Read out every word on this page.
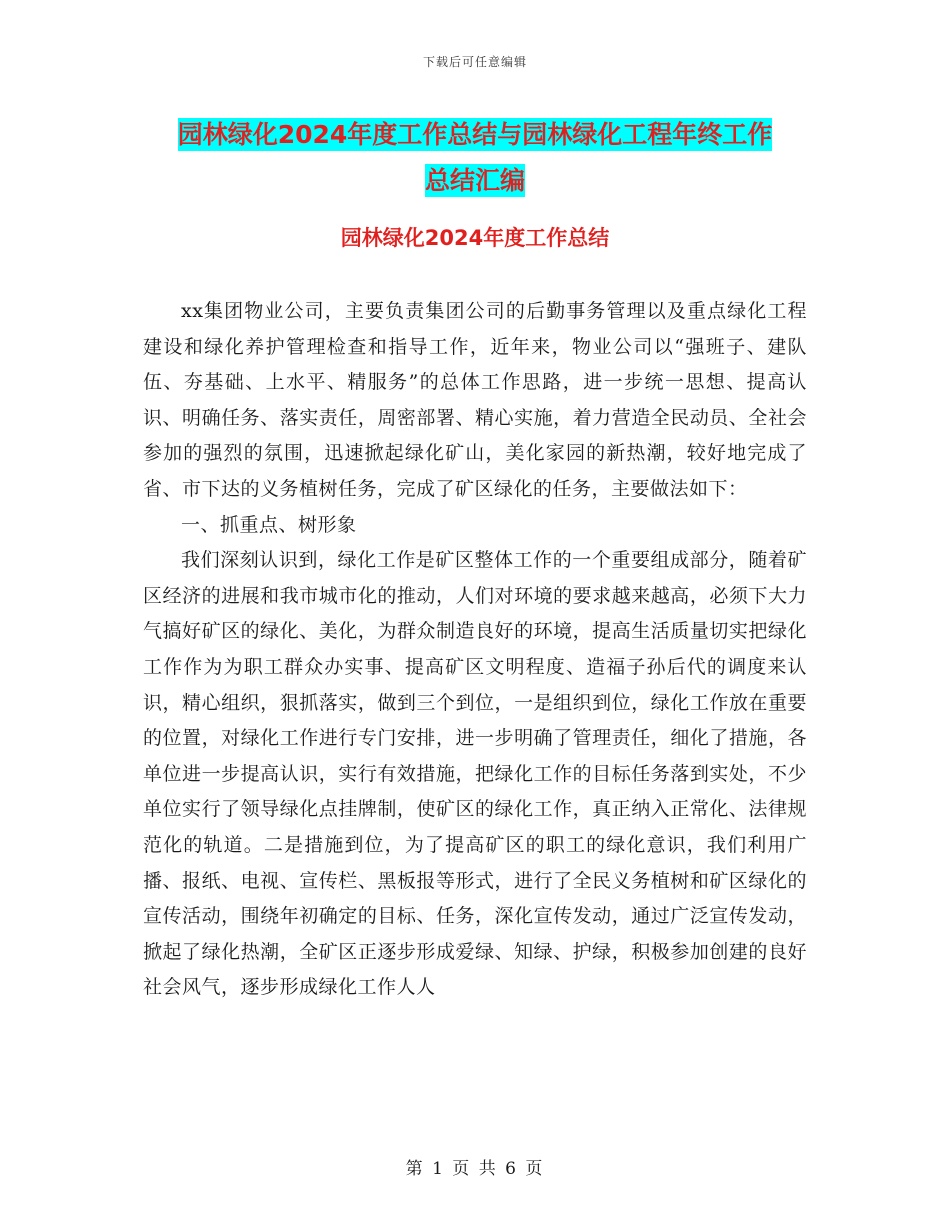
下载后可任意编辑
园林绿化2024年度工作总结与园林绿化工程年终工作
总结汇编
园林绿化2024年度工作总结

xx集团物业公司，主要负责集团公司的后勤事务管理以及重点绿化工程建设和绿化养护管理检查和指导工作，近年来，物业公司以“强班子、建队伍、夯基础、上水平、精服务”的总体工作思路，进一步统一思想、提高认识、明确任务、落实责任，周密部署、精心实施，着力营造全民动员、全社会参加的强烈的氛围，迅速掀起绿化矿山，美化家园的新热潮，较好地完成了省、市下达的义务植树任务，完成了矿区绿化的任务，主要做法如下：

一、抓重点、树形象

我们深刻认识到，绿化工作是矿区整体工作的一个重要组成部分，随着矿区经济的进展和我市城市化的推动，人们对环境的要求越来越高，必须下大力气搞好矿区的绿化、美化，为群众制造良好的环境，提高生活质量切实把绿化工作作为为职工群众办实事、提高矿区文明程度、造福子孙后代的调度来认识，精心组织，狠抓落实，做到三个到位，一是组织到位，绿化工作放在重要的位置，对绿化工作进行专门安排，进一步明确了管理责任，细化了措施，各单位进一步提高认识，实行有效措施，把绿化工作的目标任务落到实处，不少单位实行了领导绿化点挂牌制，使矿区的绿化工作，真正纳入正常化、法律规范化的轨道。二是措施到位，为了提高矿区的职工的绿化意识，我们利用广播、报纸、电视、宣传栏、黑板报等形式，进行了全民义务植树和矿区绿化的宣传活动，围绕年初确定的目标、任务，深化宣传发动，通过广泛宣传发动，掀起了绿化热潮，全矿区正逐步形成爱绿、知绿、护绿，积极参加创建的良好社会风气，逐步形成绿化工作人人

第 1 页 共 6 页
